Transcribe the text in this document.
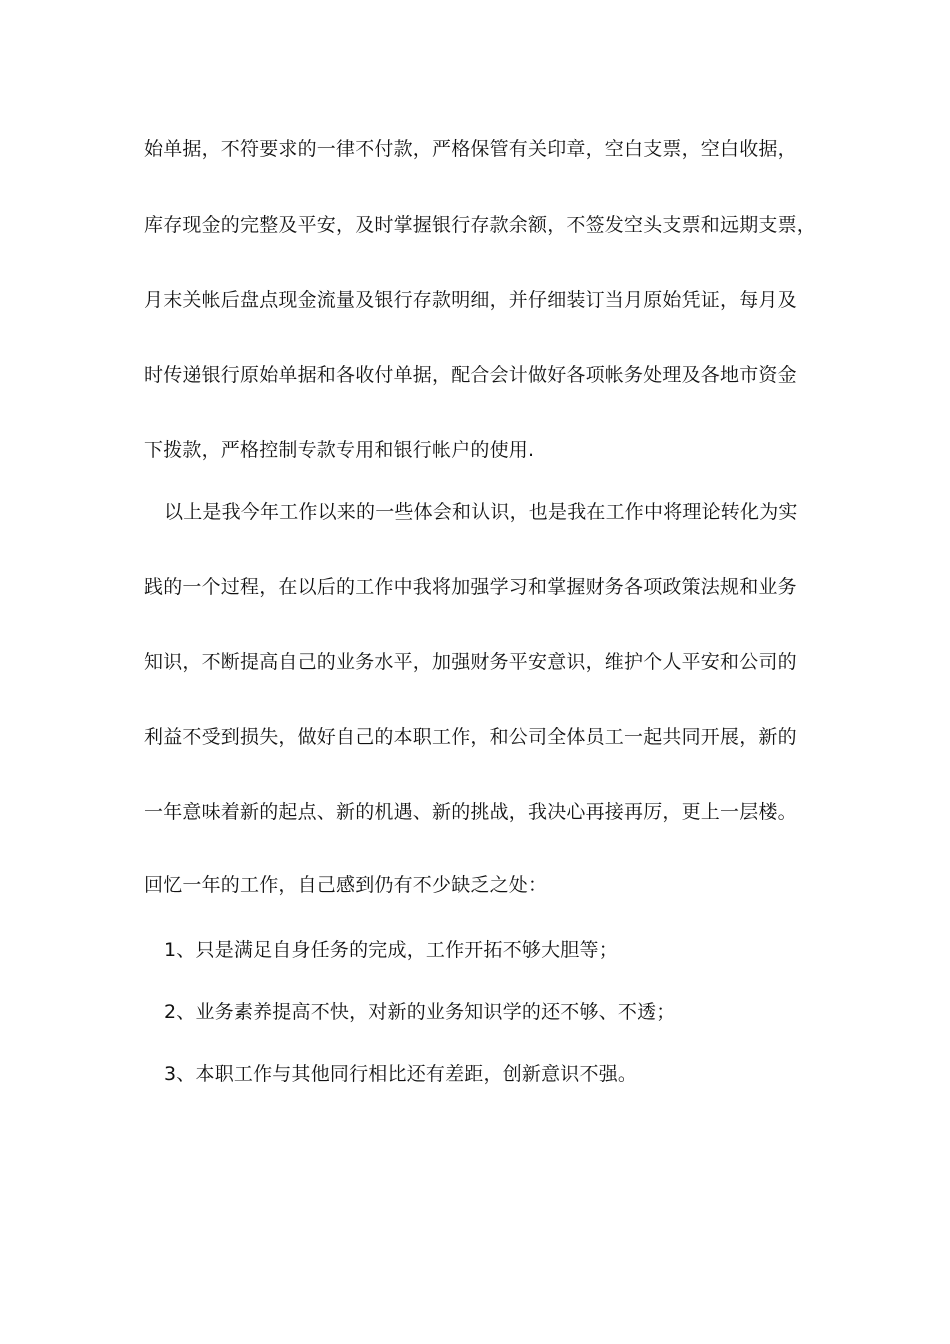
始单据，不符要求的一律不付款，严格保管有关印章，空白支票，空白收据，
库存现金的完整及平安，及时掌握银行存款余额，不签发空头支票和远期支票，
月末关帐后盘点现金流量及银行存款明细，并仔细装订当月原始凭证，每月及
时传递银行原始单据和各收付单据，配合会计做好各项帐务处理及各地市资金
下拨款，严格控制专款专用和银行帐户的使用.
以上是我今年工作以来的一些体会和认识，也是我在工作中将理论转化为实
践的一个过程，在以后的工作中我将加强学习和掌握财务各项政策法规和业务
知识，不断提高自己的业务水平，加强财务平安意识，维护个人平安和公司的
利益不受到损失，做好自己的本职工作，和公司全体员工一起共同开展，新的
一年意味着新的起点、新的机遇、新的挑战，我决心再接再厉，更上一层楼。
回忆一年的工作，自己感到仍有不少缺乏之处：
1、只是满足自身任务的完成，工作开拓不够大胆等；
2、业务素养提高不快，对新的业务知识学的还不够、不透；
3、本职工作与其他同行相比还有差距，创新意识不强。
